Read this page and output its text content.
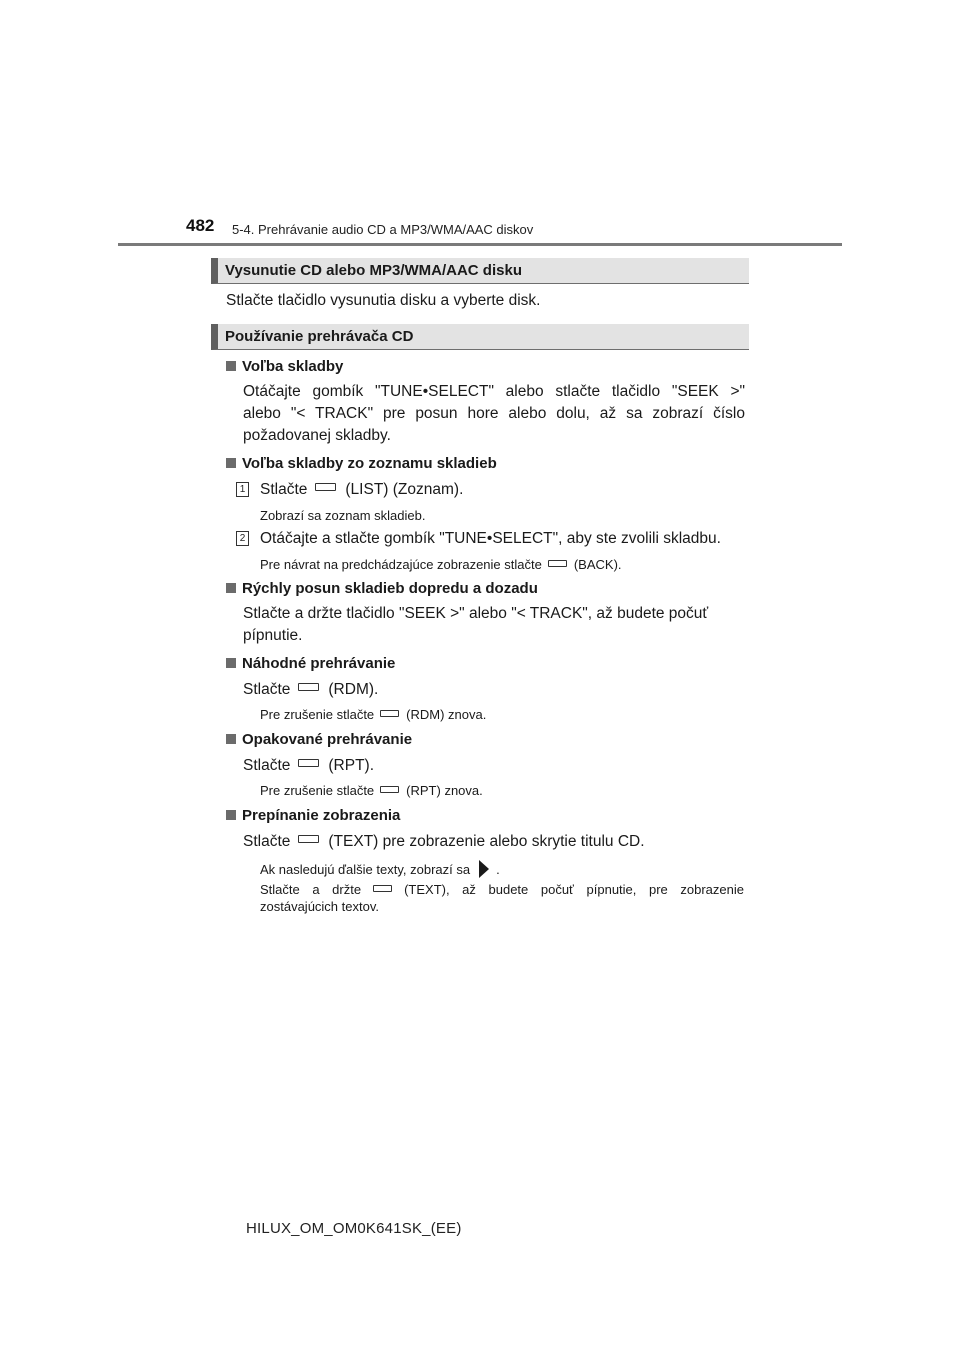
482 5-4. Prehrávanie audio CD a MP3/WMA/AAC diskov
Vysunutie CD alebo MP3/WMA/AAC disku
Stlačte tlačidlo vysunutia disku a vyberte disk.
Používanie prehrávača CD
Voľba skladby
Otáčajte gombík "TUNE•SELECT" alebo stlačte tlačidlo "SEEK >"
alebo "< TRACK" pre posun hore alebo dolu, až sa zobrazí číslo
požadovanej skladby.
Voľba skladby zo zoznamu skladieb
1 Stlačte (LIST) (Zoznam).
Zobrazí sa zoznam skladieb.
2 Otáčajte a stlačte gombík "TUNE•SELECT", aby ste zvolili skladbu.
Pre návrat na predchádzajúce zobrazenie stlačte (BACK).
Rýchly posun skladieb dopredu a dozadu
Stlačte a držte tlačidlo "SEEK >" alebo "< TRACK", až budete počuť
pípnutie.
Náhodné prehrávanie
Stlačte (RDM).
Pre zrušenie stlačte (RDM) znova.
Opakované prehrávanie
Stlačte (RPT).
Pre zrušenie stlačte (RPT) znova.
Prepínanie zobrazenia
Stlačte (TEXT) pre zobrazenie alebo skrytie titulu CD.
Ak nasledujú ďalšie texty, zobrazí sa .
Stlačte a držte	(TEXT), až budete počuť pípnutie, pre zobrazenie
zostávajúcich textov.
HILUX_OM_OM0K641SK_(EE)
